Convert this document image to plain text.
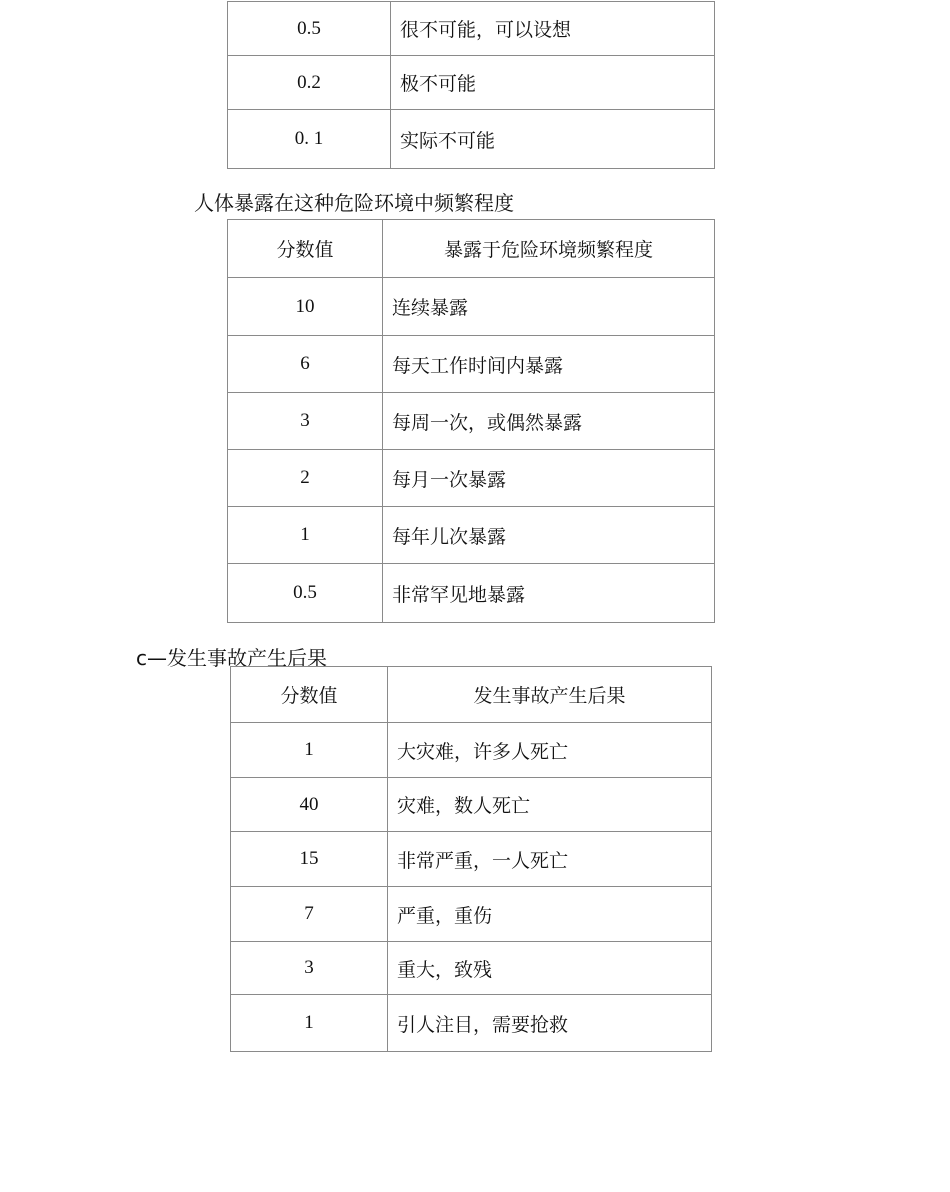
0.5	很不可能，可以设想
0.2	极不可能
0. 1	实际不可能
人体暴露在这种危险环境中频繁程度
分数值	暴露于危险环境频繁程度
10	连续暴露
6	每天工作时间内暴露
3	每周一次，或偶然暴露
2	每月一次暴露
1	每年儿次暴露
0.5	非常罕见地暴露
c—发生事故产生后果
分数值	发生事故产生后果
1	大灾难，许多人死亡
40	灾难，数人死亡
15	非常严重，一人死亡
7	严重，重伤
3	重大，致残
1	引人注目，需要抢救
